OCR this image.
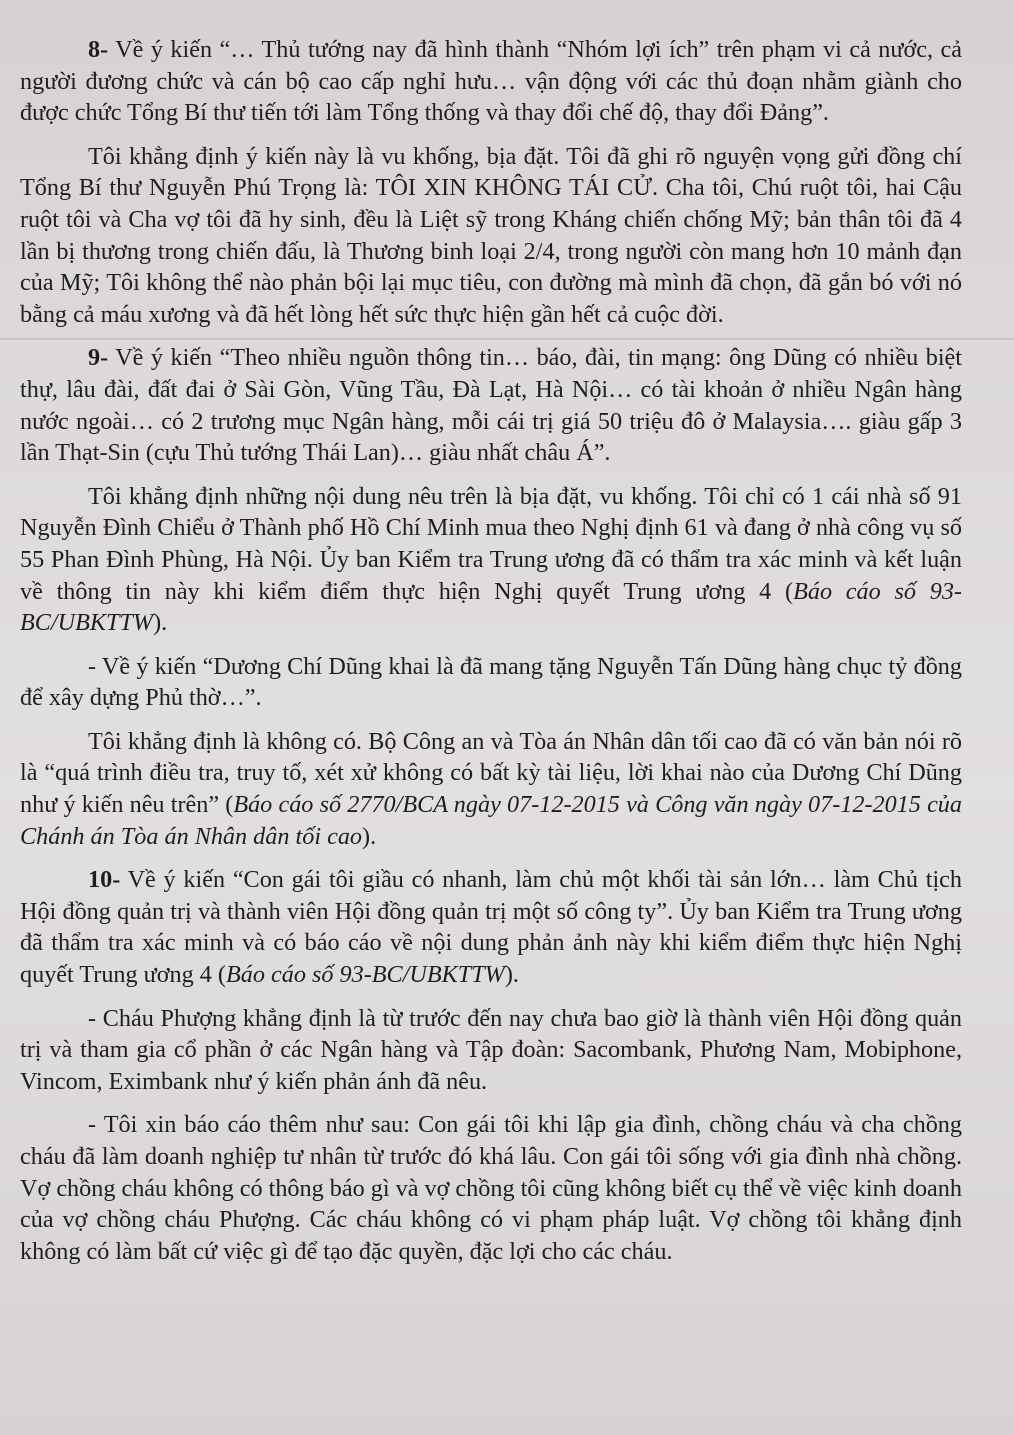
8- Về ý kiến “… Thủ tướng nay đã hình thành “Nhóm lợi ích” trên phạm vi cả nước, cả người đương chức và cán bộ cao cấp nghỉ hưu… vận động với các thủ đoạn nhằm giành cho được chức Tổng Bí thư tiến tới làm Tổng thống và thay đổi chế độ, thay đổi Đảng”.

Tôi khẳng định ý kiến này là vu khống, bịa đặt. Tôi đã ghi rõ nguyện vọng gửi đồng chí Tổng Bí thư Nguyễn Phú Trọng là: TÔI XIN KHÔNG TÁI CỬ. Cha tôi, Chú ruột tôi, hai Cậu ruột tôi và Cha vợ tôi đã hy sinh, đều là Liệt sỹ trong Kháng chiến chống Mỹ; bản thân tôi đã 4 lần bị thương trong chiến đấu, là Thương binh loại 2/4, trong người còn mang hơn 10 mảnh đạn của Mỹ; Tôi không thể nào phản bội lại mục tiêu, con đường mà mình đã chọn, đã gắn bó với nó bằng cả máu xương và đã hết lòng hết sức thực hiện gần hết cả cuộc đời.

9- Về ý kiến “Theo nhiều nguồn thông tin… báo, đài, tin mạng: ông Dũng có nhiều biệt thự, lâu đài, đất đai ở Sài Gòn, Vũng Tầu, Đà Lạt, Hà Nội… có tài khoản ở nhiều Ngân hàng nước ngoài… có 2 trương mục Ngân hàng, mỗi cái trị giá 50 triệu đô ở Malaysia…. giàu gấp 3 lần Thạt-Sin (cựu Thủ tướng Thái Lan)… giàu nhất châu Á”.

Tôi khẳng định những nội dung nêu trên là bịa đặt, vu khống. Tôi chỉ có 1 cái nhà số 91 Nguyễn Đình Chiểu ở Thành phố Hồ Chí Minh mua theo Nghị định 61 và đang ở nhà công vụ số 55 Phan Đình Phùng, Hà Nội. Ủy ban Kiểm tra Trung ương đã có thẩm tra xác minh và kết luận về thông tin này khi kiểm điểm thực hiện Nghị quyết Trung ương 4 (Báo cáo số 93-BC/UBKTTW).

- Về ý kiến “Dương Chí Dũng khai là đã mang tặng Nguyễn Tấn Dũng hàng chục tỷ đồng để xây dựng Phủ thờ…”.

Tôi khẳng định là không có. Bộ Công an và Tòa án Nhân dân tối cao đã có văn bản nói rõ là “quá trình điều tra, truy tố, xét xử không có bất kỳ tài liệu, lời khai nào của Dương Chí Dũng như ý kiến nêu trên” (Báo cáo số 2770/BCA ngày 07-12-2015 và Công văn ngày 07-12-2015 của Chánh án Tòa án Nhân dân tối cao).

10- Về ý kiến “Con gái tôi giầu có nhanh, làm chủ một khối tài sản lớn… làm Chủ tịch Hội đồng quản trị và thành viên Hội đồng quản trị một số công ty”. Ủy ban Kiểm tra Trung ương đã thẩm tra xác minh và có báo cáo về nội dung phản ảnh này khi kiểm điểm thực hiện Nghị quyết Trung ương 4 (Báo cáo số 93-BC/UBKTTW).

- Cháu Phượng khẳng định là từ trước đến nay chưa bao giờ là thành viên Hội đồng quản trị và tham gia cổ phần ở các Ngân hàng và Tập đoàn: Sacombank, Phương Nam, Mobiphone, Vincom, Eximbank như ý kiến phản ánh đã nêu.

- Tôi xin báo cáo thêm như sau: Con gái tôi khi lập gia đình, chồng cháu và cha chồng cháu đã làm doanh nghiệp tư nhân từ trước đó khá lâu. Con gái tôi sống với gia đình nhà chồng. Vợ chồng cháu không có thông báo gì và vợ chồng tôi cũng không biết cụ thể về việc kinh doanh của vợ chồng cháu Phượng. Các cháu không có vi phạm pháp luật. Vợ chồng tôi khẳng định không có làm bất cứ việc gì để tạo đặc quyền, đặc lợi cho các cháu.
